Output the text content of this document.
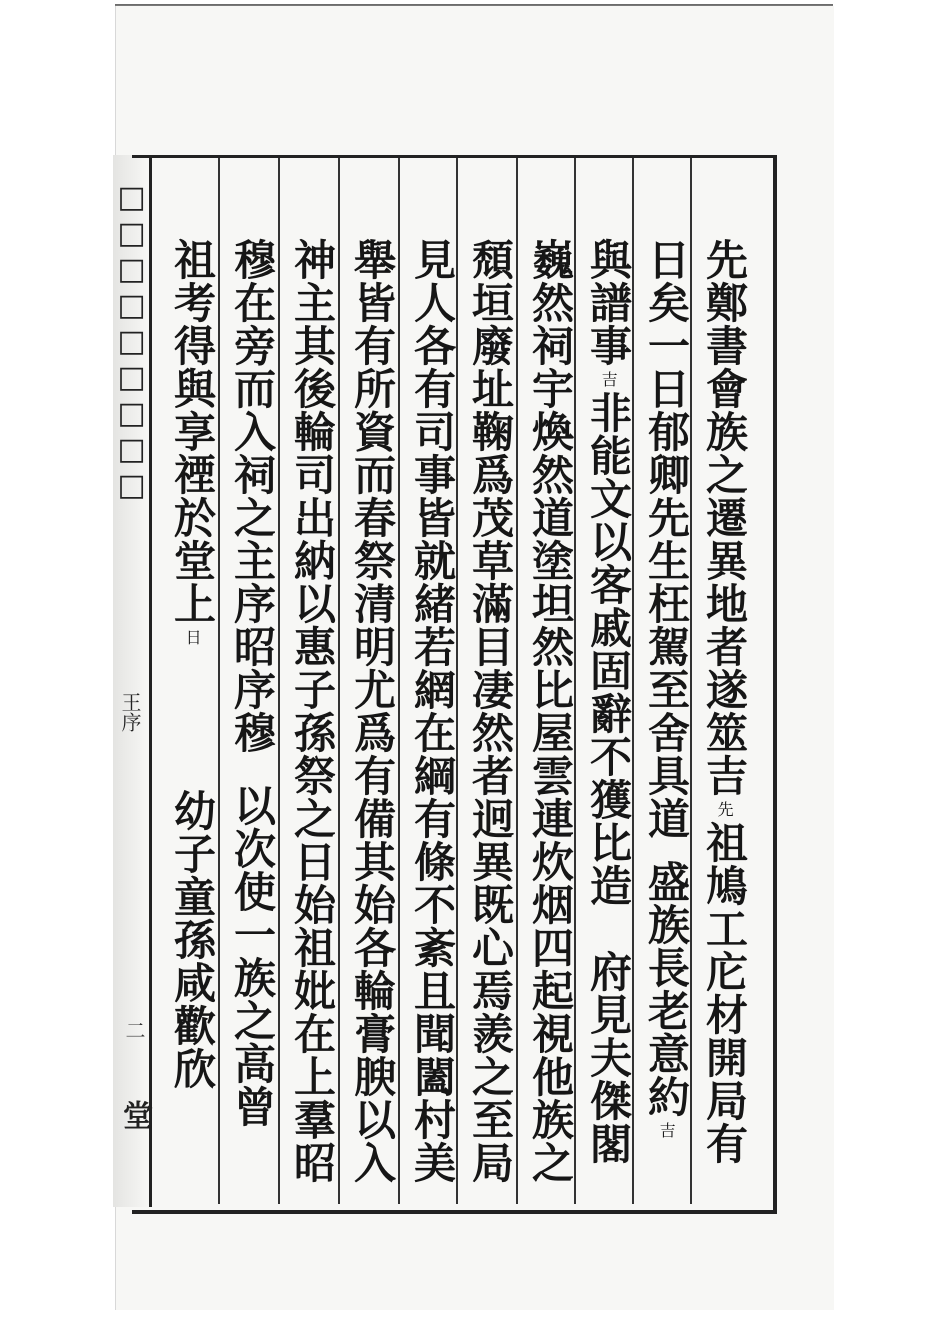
□□□□□□□□□
王序
二
堂
先鄭書會族之遷異地者遂筮吉
先
祖鳩工庀材開局有
日矣一日郁卿先生枉駕至舍具道
盛族長老意約
吉
與譜事
吉
非能文以客戚固辭不獲比造　府見夫傑閣
巍然祠宇煥然道塗坦然比屋雲連炊烟四起視他族之
頹垣廢址鞠爲茂草滿目凄然者迥異既心焉羨之至局
見人各有司事皆就緒若網在綱有條不紊且聞闔村美
舉皆有所資而春祭清明尤爲有備其始各輪膏腴以入
神主其後輪司出納以惠子孫祭之日始祖妣在上羣昭
穆在旁而入祠之主序昭序穆
以次使一族之高曾
祖考得與享禋於堂上
日
幼子童孫咸歡欣
